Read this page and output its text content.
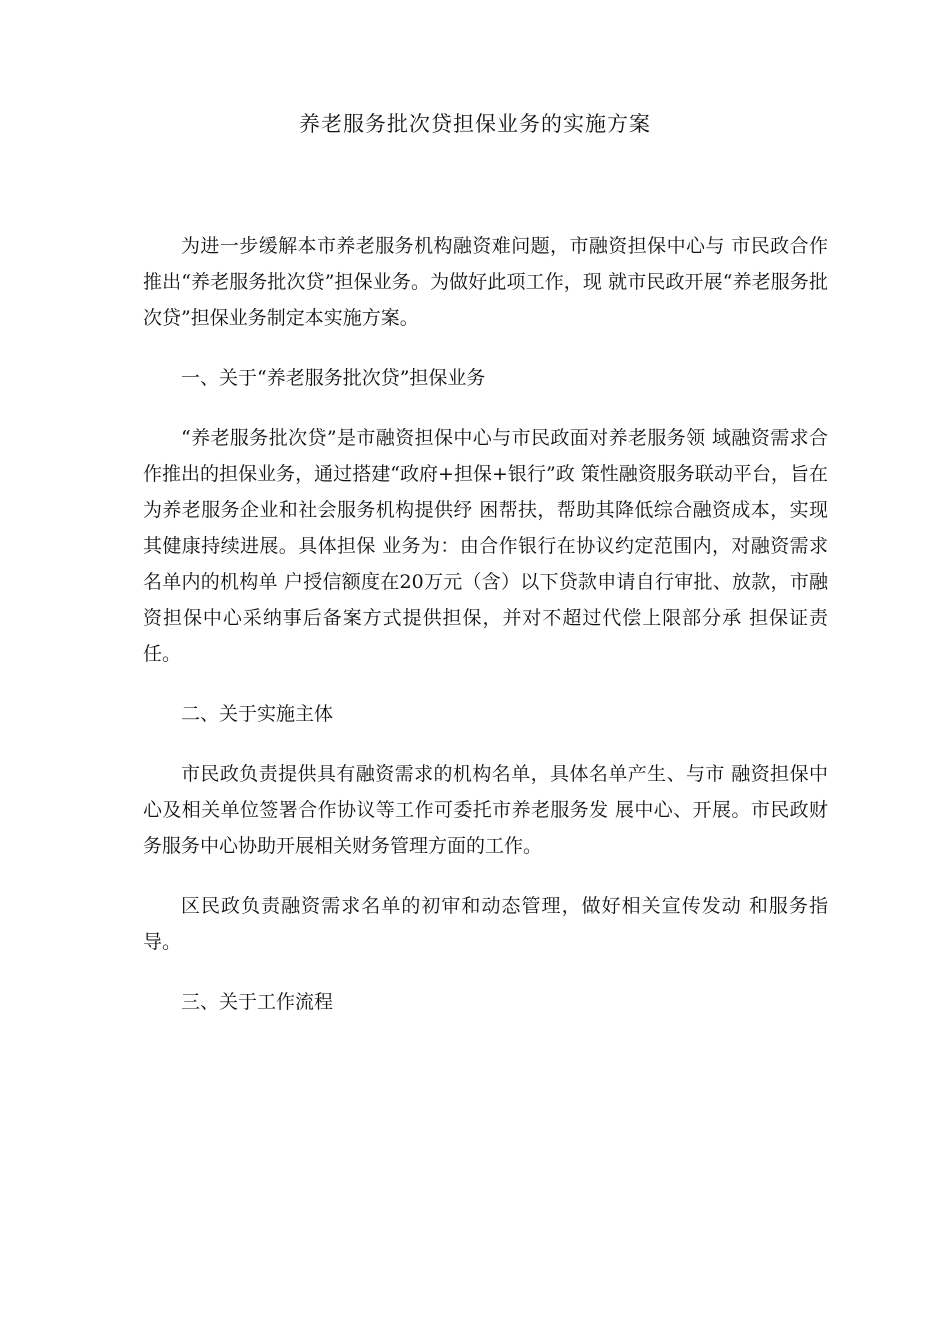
养老服务批次贷担保业务的实施方案

为进一步缓解本市养老服务机构融资难问题，市融资担保中心与 市民政合作推出“养老服务批次贷”担保业务。为做好此项工作，现 就市民政开展“养老服务批次贷”担保业务制定本实施方案。

一、关于“养老服务批次贷”担保业务

“养老服务批次贷”是市融资担保中心与市民政面对养老服务领 域融资需求合作推出的担保业务，通过搭建“政府+担保+银行”政 策性融资服务联动平台，旨在为养老服务企业和社会服务机构提供纾 困帮扶，帮助其降低综合融资成本，实现其健康持续进展。具体担保 业务为：由合作银行在协议约定范围内，对融资需求名单内的机构单 户授信额度在20万元（含）以下贷款申请自行审批、放款，市融 资担保中心采纳事后备案方式提供担保，并对不超过代偿上限部分承 担保证责任。

二、关于实施主体

市民政负责提供具有融资需求的机构名单，具体名单产生、与市 融资担保中心及相关单位签署合作协议等工作可委托市养老服务发 展中心、开展。市民政财务服务中心协助开展相关财务管理方面的工作。

区民政负责融资需求名单的初审和动态管理，做好相关宣传发动 和服务指导。

三、关于工作流程
